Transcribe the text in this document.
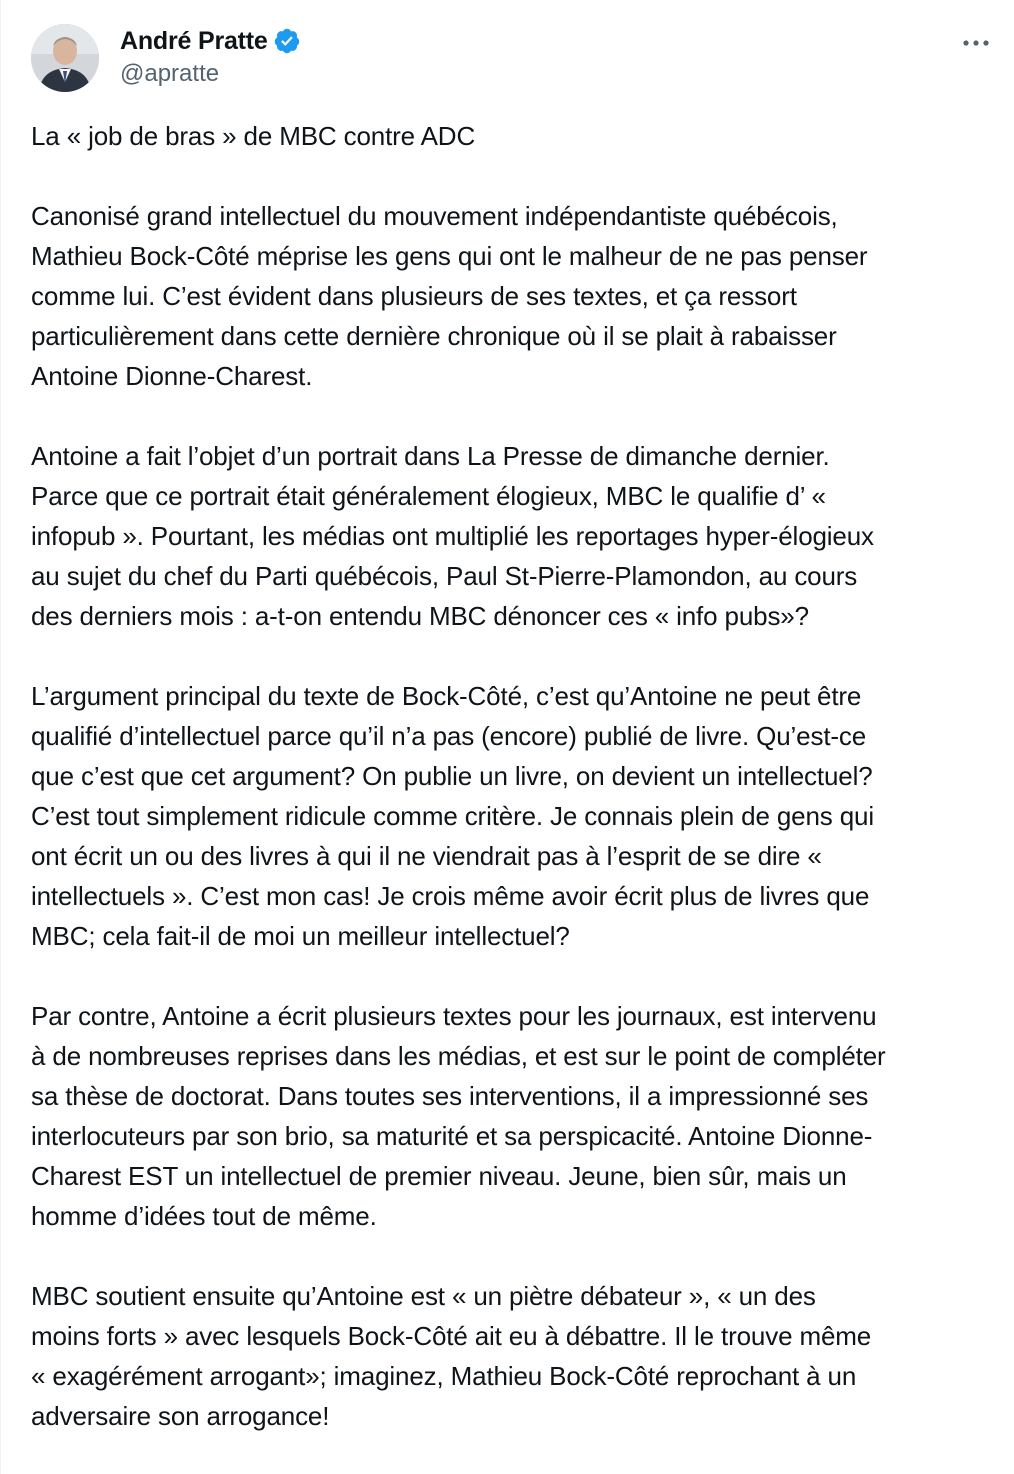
André Pratte
@apratte

La « job de bras » de MBC contre ADC

Canonisé grand intellectuel du mouvement indépendantiste québécois,
Mathieu Bock-Côté méprise les gens qui ont le malheur de ne pas penser
comme lui. C’est évident dans plusieurs de ses textes, et ça ressort
particulièrement dans cette dernière chronique où il se plait à rabaisser
Antoine Dionne-Charest.

Antoine a fait l’objet d’un portrait dans La Presse de dimanche dernier.
Parce que ce portrait était généralement élogieux, MBC le qualifie d’ «
infopub ». Pourtant, les médias ont multiplié les reportages hyper-élogieux
au sujet du chef du Parti québécois, Paul St-Pierre-Plamondon, au cours
des derniers mois : a-t-on entendu MBC dénoncer ces « info pubs»?

L’argument principal du texte de Bock-Côté, c’est qu’Antoine ne peut être
qualifié d’intellectuel parce qu’il n’a pas (encore) publié de livre. Qu’est-ce
que c’est que cet argument? On publie un livre, on devient un intellectuel?
C’est tout simplement ridicule comme critère. Je connais plein de gens qui
ont écrit un ou des livres à qui il ne viendrait pas à l’esprit de se dire «
intellectuels ». C’est mon cas! Je crois même avoir écrit plus de livres que
MBC; cela fait-il de moi un meilleur intellectuel?

Par contre, Antoine a écrit plusieurs textes pour les journaux, est intervenu
à de nombreuses reprises dans les médias, et est sur le point de compléter
sa thèse de doctorat. Dans toutes ses interventions, il a impressionné ses
interlocuteurs par son brio, sa maturité et sa perspicacité. Antoine Dionne-
Charest EST un intellectuel de premier niveau. Jeune, bien sûr, mais un
homme d’idées tout de même.

MBC soutient ensuite qu’Antoine est « un piètre débateur », « un des
moins forts » avec lesquels Bock-Côté ait eu à débattre. Il le trouve même
« exagérément arrogant»; imaginez, Mathieu Bock-Côté reprochant à un
adversaire son arrogance!
